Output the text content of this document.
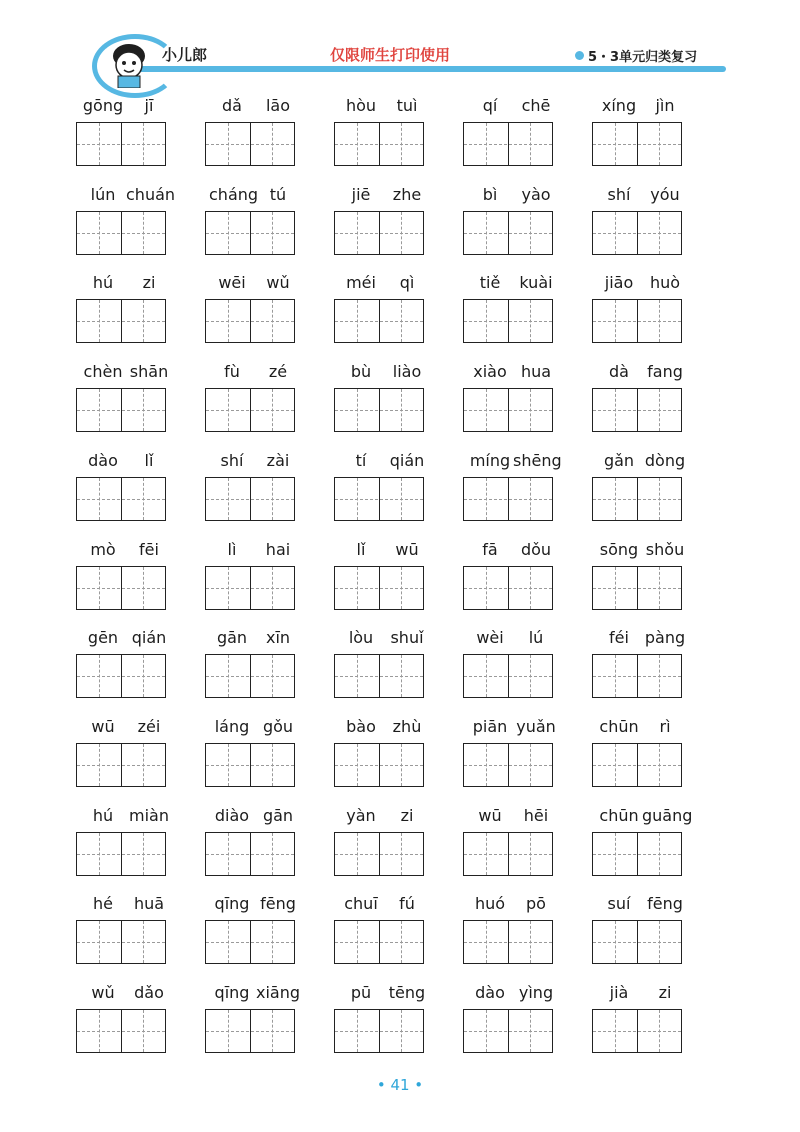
小儿郎	仅限师生打印使用	5・3单元归类复习
gōng jī	dǎ lāo	hòu tuì	qí chē	xíng jìn
lún chuán	cháng tú	jiē zhe	bì yào	shí yóu
hú zi	wēi wǔ	méi qì	tiě kuài	jiāo huò
chèn shān	fù zé	bù liào	xiào hua	dà fang
dào lǐ	shí zài	tí qián	míng shēng	gǎn dòng
mò fēi	lì hai	lǐ wū	fā dǒu	sōng shǒu
gēn qián	gān xīn	lòu shuǐ	wèi lú	féi pàng
wū zéi	láng gǒu	bào zhù	piān yuǎn	chūn rì
hú miàn	diào gān	yàn zi	wū hēi	chūn guāng
hé huā	qīng fēng	chuī fú	huó pō	suí fēng
wǔ dǎo	qīng xiāng	pū tēng	dào yìng	jià zi
• 41 •
